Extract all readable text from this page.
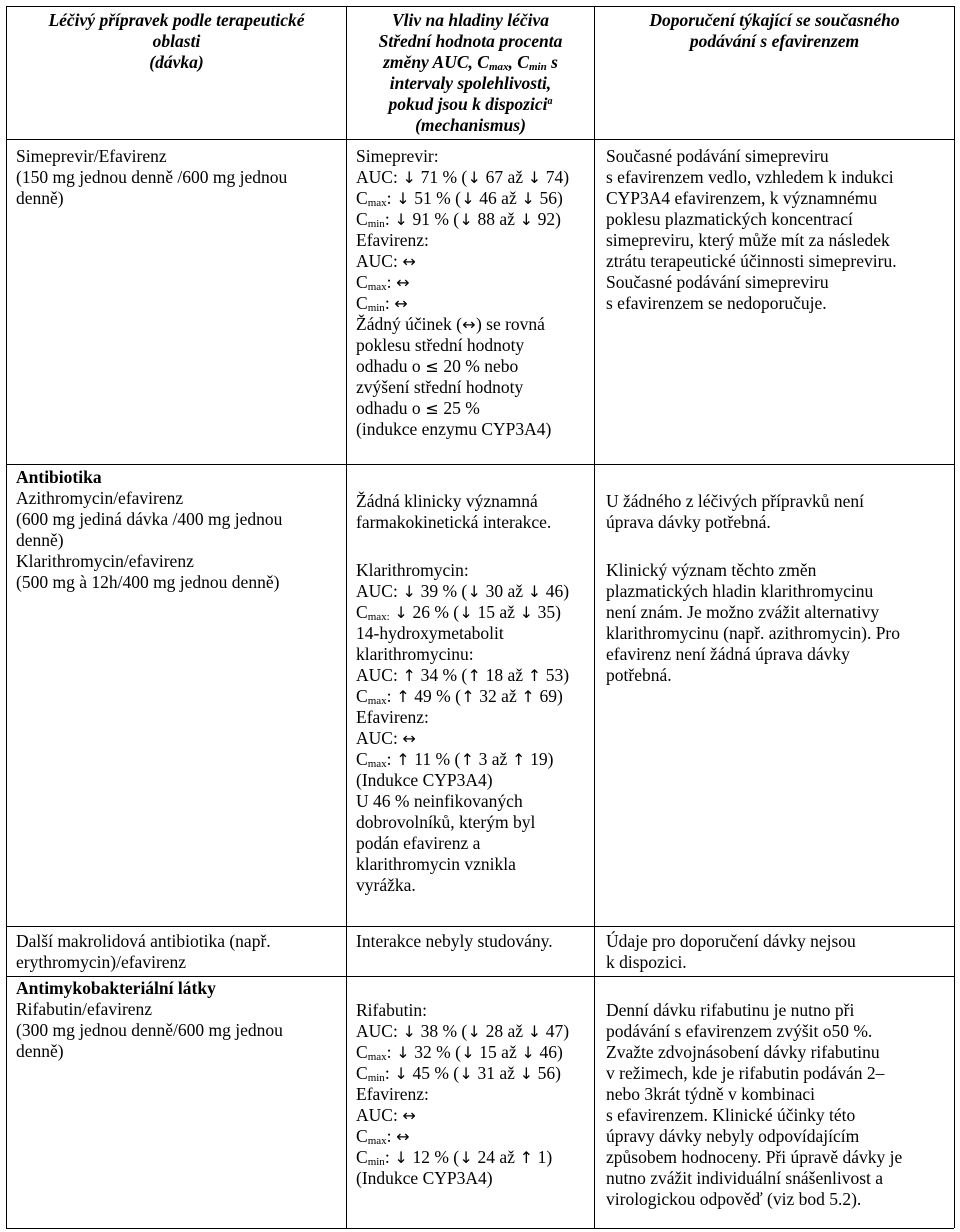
Léčivý přípravek podle terapeutické
oblasti
(dávka)
Vliv na hladiny léčiva
Střední hodnota procenta
změny AUC, $C_{max}$, $C_{min}$ s
intervaly spolehlivosti,
pokud jsou k dispozici$^a$
(mechanismus)
Doporučení týkající se současného
podávání s efavirenzem
Simeprevir/Efavirenz
(150 mg jednou denně /600 mg jednou
denně)
Simeprevir:
AUC: ↓ 71 % (↓ 67 až ↓ 74)
$C_{max}$: ↓ 51 % (↓ 46 až ↓ 56)
$C_{min}$: ↓ 91 % (↓ 88 až ↓ 92)
Efavirenz:
AUC: ↔
$C_{max}$: ↔
$C_{min}$: ↔
Žádný účinek (↔) se rovná
poklesu střední hodnoty
odhadu o ≤ 20 % nebo
zvýšení střední hodnoty
odhadu o ≤ 25 %
(indukce enzymu CYP3A4)
Současné podávání simepreviru
s efavirenzem vedlo, vzhledem k indukci
CYP3A4 efavirenzem, k významnému
poklesu plazmatických koncentrací
simepreviru, který může mít za následek
ztrátu terapeutické účinnosti simepreviru.
Současné podávání simepreviru
s efavirenzem se nedoporučuje.
Antibiotika
Azithromycin/efavirenz
(600 mg jediná dávka /400 mg jednou
denně)
Klarithromycin/efavirenz
(500 mg à 12h/400 mg jednou denně)
Žádná klinicky významná
farmakokinetická interakce.
U žádného z léčivých přípravků není
úprava dávky potřebná.
Klarithromycin:
AUC: ↓ 39 % (↓ 30 až ↓ 46)
$C_{max:}$ ↓ 26 % (↓ 15 až ↓ 35)
14-hydroxymetabolit
klarithromycinu:
AUC: ↑ 34 % (↑ 18 až ↑ 53)
$C_{max}$: ↑ 49 % (↑ 32 až ↑ 69)
Efavirenz:
AUC: ↔
$C_{max}$: ↑ 11 % (↑ 3 až ↑ 19)
(Indukce CYP3A4)
U 46 % neinfikovaných
dobrovolníků, kterým byl
podán efavirenz a
klarithromycin vznikla
vyrážka.
Klinický význam těchto změn
plazmatických hladin klarithromycinu
není znám. Je možno zvážit alternativy
klarithromycinu (např. azithromycin). Pro
efavirenz není žádná úprava dávky
potřebná.
Další makrolidová antibiotika (např.
erythromycin)/efavirenz
Interakce nebyly studovány.	Údaje pro doporučení dávky nejsou
k dispozici.
Antimykobakteriální látky
Rifabutin/efavirenz
(300 mg jednou denně/600 mg jednou
denně)
Rifabutin:
AUC: ↓ 38 % (↓ 28 až ↓ 47)
$C_{max}$: ↓ 32 % (↓ 15 až ↓ 46)
$C_{min}$: ↓ 45 % (↓ 31 až ↓ 56)
Efavirenz:
AUC: ↔
$C_{max}$: ↔
$C_{min}$: ↓ 12 % (↓ 24 až ↑ 1)
(Indukce CYP3A4)
Denní dávku rifabutinu je nutno při
podávání s efavirenzem zvýšit o50 %.
Zvažte zdvojnásobení dávky rifabutinu
v režimech, kde je rifabutin podáván 2–
nebo 3krát týdně v kombinaci
s efavirenzem. Klinické účinky této
úpravy dávky nebyly odpovídajícím
způsobem hodnoceny. Při úpravě dávky je
nutno zvážit individuální snášenlivost a
virologickou odpověď (viz bod 5.2).
